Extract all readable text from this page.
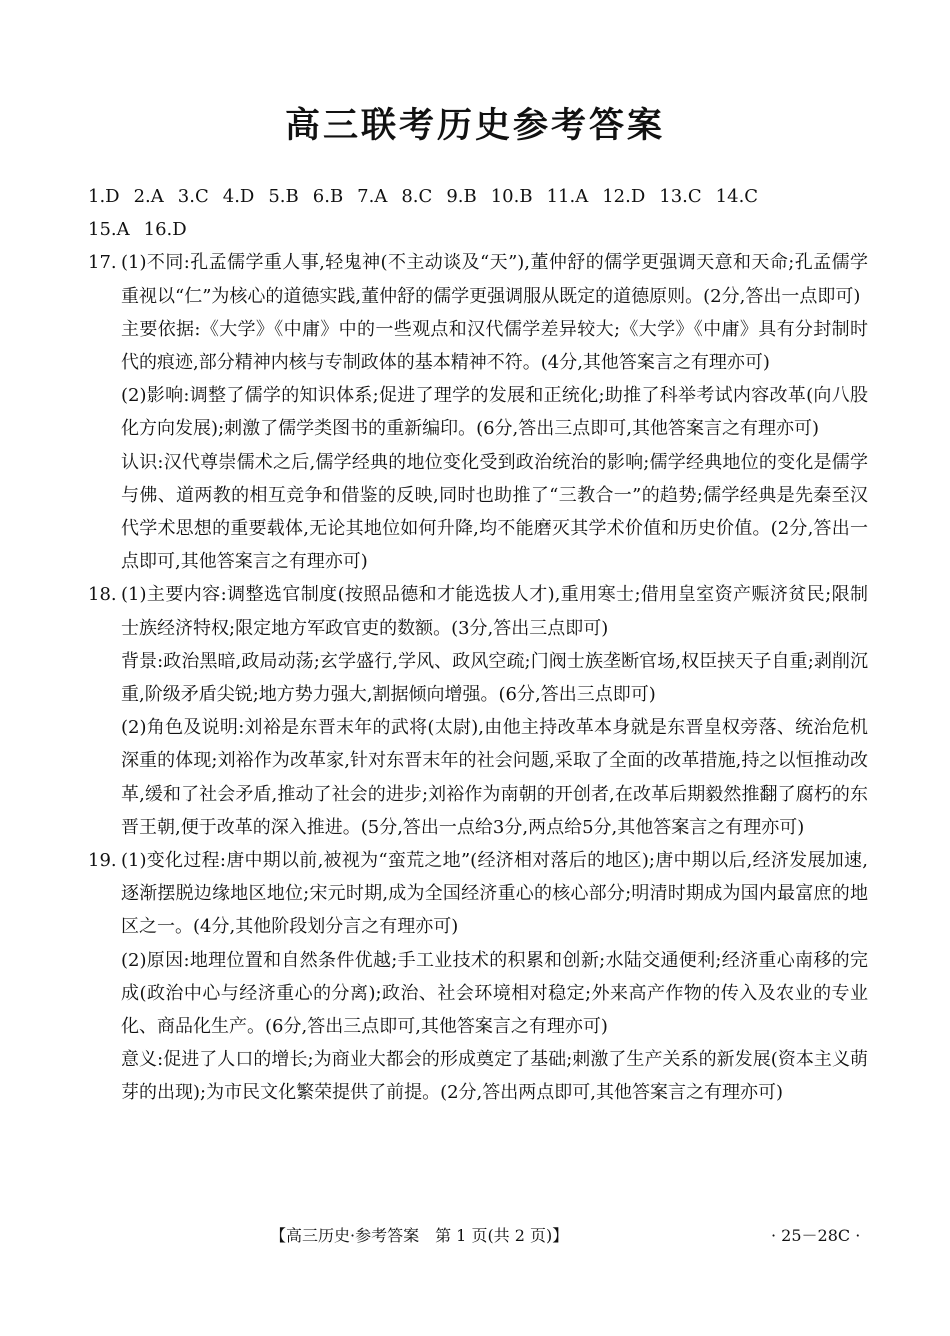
高三联考历史参考答案
1.D 2.A 3.C 4.D 5.B 6.B 7.A 8.C 9.B 10.B 11.A 12.D 13.C 14.C
15.A 16.D
17. (1)不同:孔孟儒学重人事,轻鬼神(不主动谈及“天”),董仲舒的儒学更强调天意和天命;孔孟儒学重视以“仁”为核心的道德实践,董仲舒的儒学更强调服从既定的道德原则。(2分,答出一点即可)

主要依据:《大学》《中庸》中的一些观点和汉代儒学差异较大;《大学》《中庸》具有分封制时代的痕迹,部分精神内核与专制政体的基本精神不符。(4分,其他答案言之有理亦可)

(2)影响:调整了儒学的知识体系;促进了理学的发展和正统化;助推了科举考试内容改革(向八股化方向发展);刺激了儒学类图书的重新编印。(6分,答出三点即可,其他答案言之有理亦可)

认识:汉代尊崇儒术之后,儒学经典的地位变化受到政治统治的影响;儒学经典地位的变化是儒学与佛、道两教的相互竞争和借鉴的反映,同时也助推了“三教合一”的趋势;儒学经典是先秦至汉代学术思想的重要载体,无论其地位如何升降,均不能磨灭其学术价值和历史价值。(2分,答出一点即可,其他答案言之有理亦可)

18. (1)主要内容:调整选官制度(按照品德和才能选拔人才),重用寒士;借用皇室资产赈济贫民;限制士族经济特权;限定地方军政官吏的数额。(3分,答出三点即可)

背景:政治黑暗,政局动荡;玄学盛行,学风、政风空疏;门阀士族垄断官场,权臣挟天子自重;剥削沉重,阶级矛盾尖锐;地方势力强大,割据倾向增强。(6分,答出三点即可)

(2)角色及说明:刘裕是东晋末年的武将(太尉),由他主持改革本身就是东晋皇权旁落、统治危机深重的体现;刘裕作为改革家,针对东晋末年的社会问题,采取了全面的改革措施,持之以恒推动改革,缓和了社会矛盾,推动了社会的进步;刘裕作为南朝的开创者,在改革后期毅然推翻了腐朽的东晋王朝,便于改革的深入推进。(5分,答出一点给3分,两点给5分,其他答案言之有理亦可)

19. (1)变化过程:唐中期以前,被视为“蛮荒之地”(经济相对落后的地区);唐中期以后,经济发展加速,逐渐摆脱边缘地区地位;宋元时期,成为全国经济重心的核心部分;明清时期成为国内最富庶的地区之一。(4分,其他阶段划分言之有理亦可)

(2)原因:地理位置和自然条件优越;手工业技术的积累和创新;水陆交通便利;经济重心南移的完成(政治中心与经济重心的分离);政治、社会环境相对稳定;外来高产作物的传入及农业的专业化、商品化生产。(6分,答出三点即可,其他答案言之有理亦可)

意义:促进了人口的增长;为商业大都会的形成奠定了基础;刺激了生产关系的新发展(资本主义萌芽的出现);为市民文化繁荣提供了前提。(2分,答出两点即可,其他答案言之有理亦可)

【高三历史·参考答案　第 1 页(共 2 页)】	· 25－28C ·
